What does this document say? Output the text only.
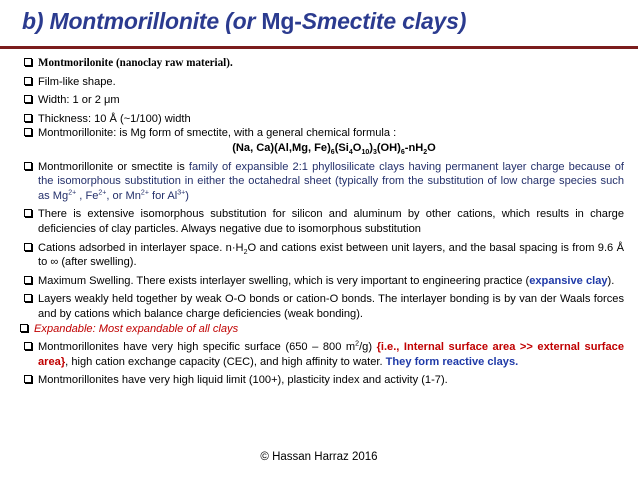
b) Montmorillonite (or Mg-Smectite clays)
Montmorilonite (nanoclay raw material).
Film-like shape.
Width: 1 or 2 μm
Thickness: 10 Å (~1/100) width
Montmorillonite: is Mg form of smectite, with a general chemical formula :
(Na, Ca)(Al,Mg, $Fe)_6(Si_4O_{10})_3(OH)_6-nH_2O$
Montmorillonite or smectite is family of expansible 2:1 phyllosilicate clays having permanent layer charge because of the isomorphous substitution in either the octahedral sheet (typically from the substitution of low charge species such as $Mg^{2+}$ , $Fe^{2+}$, or $Mn^{2+}$ for $Al^{3+}$)
There is extensive isomorphous substitution for silicon and aluminum by other cations, which results in charge deficiencies of clay particles. Always negative due to isomorphous substitution
Cations adsorbed in interlayer space. $n\cdot H_2O$ and cations exist between unit layers, and the basal spacing is from 9.6 Å to ∞ (after swelling).
Maximum Swelling. There exists interlayer swelling, which is very important to engineering practice (expansive clay).
Layers weakly held together by weak O-O bonds or cation-O bonds. The interlayer bonding is by van der Waals forces and by cations which balance charge deficiencies (weak bonding).
Expandable: Most expandable of all clays
Montmorillonites have very high specific surface (650 – 800 $m^2/g$) {i.e., Internal surface area >> external surface area}, high cation exchange capacity (CEC), and high affinity to water. They form reactive clays.
Montmorillonites have very high liquid limit (100+), plasticity index and activity (1-7).
© Hassan Harraz 2016
